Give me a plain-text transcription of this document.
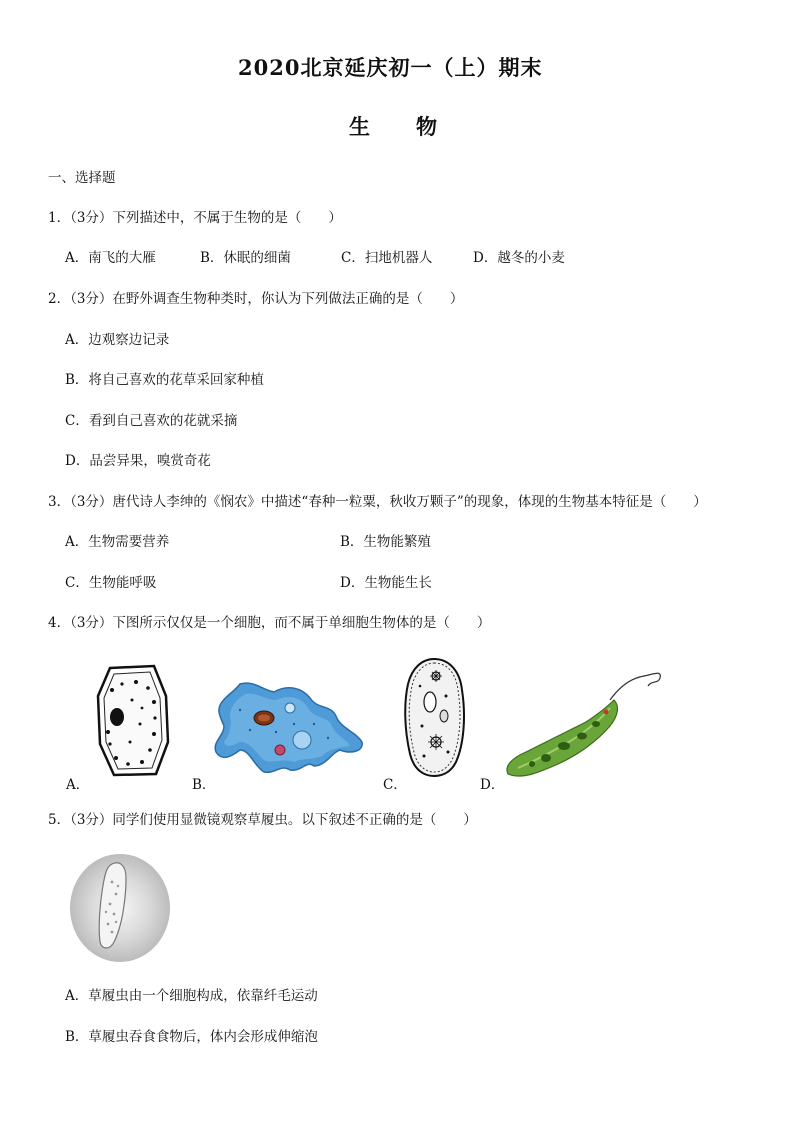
2020北京延庆初一（上）期末
生物
一、选择题
1．（3分）下列描述中，不属于生物的是（　　）
A．南飞的大雁	B．休眠的细菌	C．扫地机器人	D．越冬的小麦
2．（3分）在野外调查生物种类时，你认为下列做法正确的是（　　）
A．边观察边记录
B．将自己喜欢的花草采回家种植
C．看到自己喜欢的花就采摘
D．品尝异果，嗅赏奇花
3．（3分）唐代诗人李绅的《悯农》中描述“春种一粒粟，秋收万颗子”的现象，体现的生物基本特征是（　　）
A．生物需要营养	B．生物能繁殖
C．生物能呼吸	D．生物能生长
4．（3分）下图所示仅仅是一个细胞，而不属于单细胞生物体的是（　　）
A．	B．	C．	D．
5．（3分）同学们使用显微镜观察草履虫。以下叙述不正确的是（　　）
A．草履虫由一个细胞构成，依靠纤毛运动
B．草履虫吞食食物后，体内会形成伸缩泡
